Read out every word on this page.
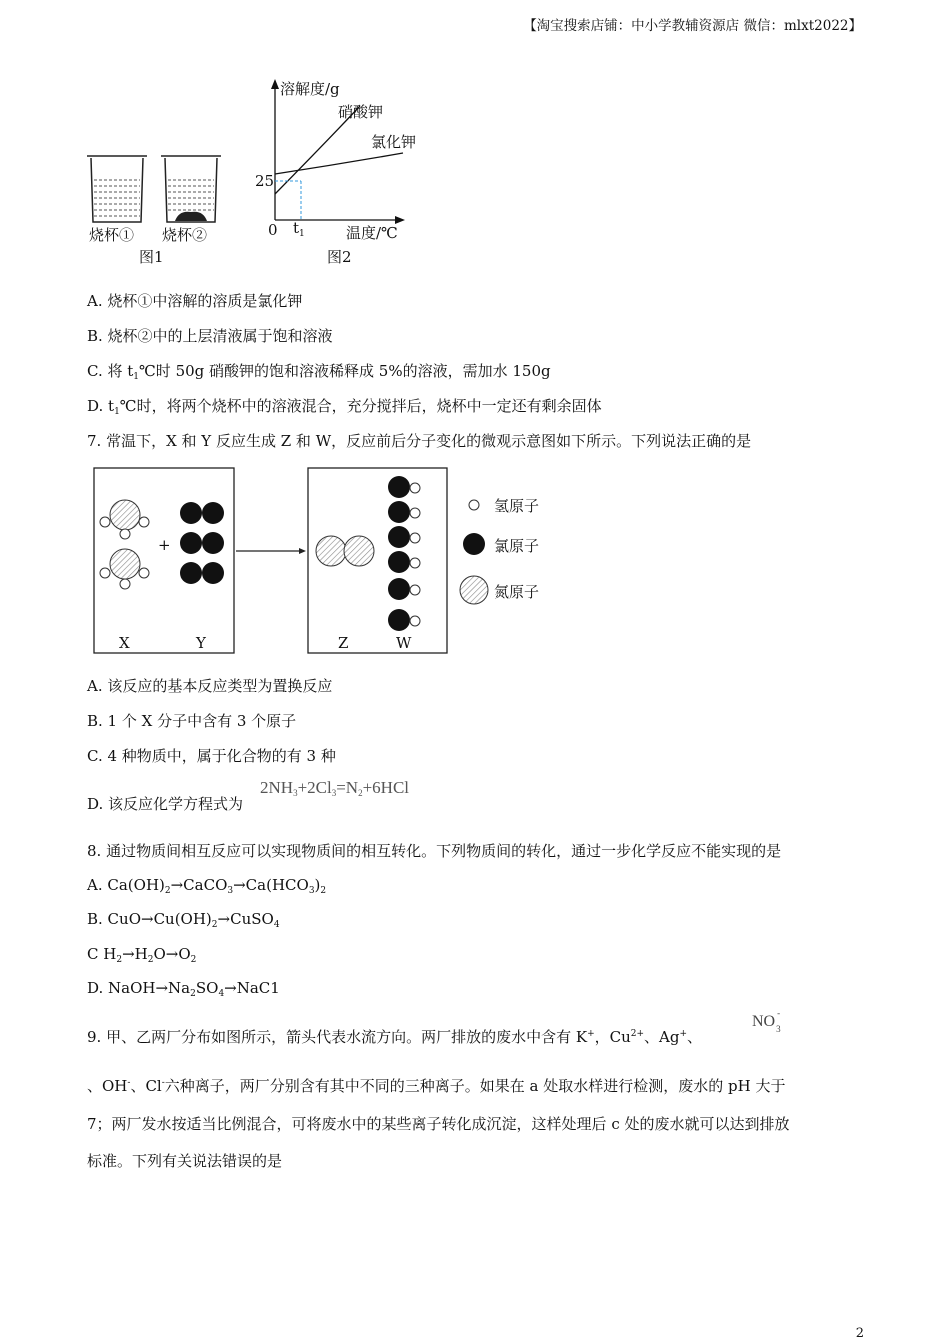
【淘宝搜索店铺：中小学教辅资源店 微信：mlxt2022】
烧杯① 烧杯②
图1
溶解度/g
硝酸钾
氯化钾
25
0 $t_1$	温度/℃
图2
A. 烧杯①中溶解的溶质是氯化钾
B. 烧杯②中的上层清液属于饱和溶液
C. 将 $t_1℃$时 50g 硝酸钾的饱和溶液稀释成 5%的溶液，需加水 150g
D. $t_1℃$时，将两个烧杯中的溶液混合，充分搅拌后，烧杯中一定还有剩余固体
7. 常温下，X 和 Y 反应生成 Z 和 W，反应前后分子变化的微观示意图如下所示。下列说法正确的是
+
X	Y	Z	W
氢原子
氯原子
氮原子
A. 该反应的基本反应类型为置换反应
B. 1 个 X 分子中含有 3 个原子
C. 4 种物质中，属于化合物的有 3 种
D. 该反应化学方程式为
$2NH_3+2Cl_3=N_2+6HCl$
8. 通过物质间相互反应可以实现物质间的相互转化。下列物质间的转化，通过一步化学反应不能实现的是
A. $Ca(OH)_2\to CaCO_3\to Ca(HCO_3)_2$
B. $CuO\to Cu(OH)_2\to CuSO_4$
C $H_2\to H_2O\to O_2$
D. $NaOH\to Na_2SO_4\to NaC1$
9. 甲、乙两厂分布如图所示，箭头代表水流方向。两厂排放的废水中含有 K+，$Cu^{2+}$、Ag+、
NO 3
-
、OH-、Cl-六种离子，两厂分别含有其中不同的三种离子。如果在 a 处取水样进行检测，废水的 pH 大于
7；两厂发水按适当比例混合，可将废水中的某些离子转化成沉淀，这样处理后 c 处的废水就可以达到排放
标准。下列有关说法错误的是
2
